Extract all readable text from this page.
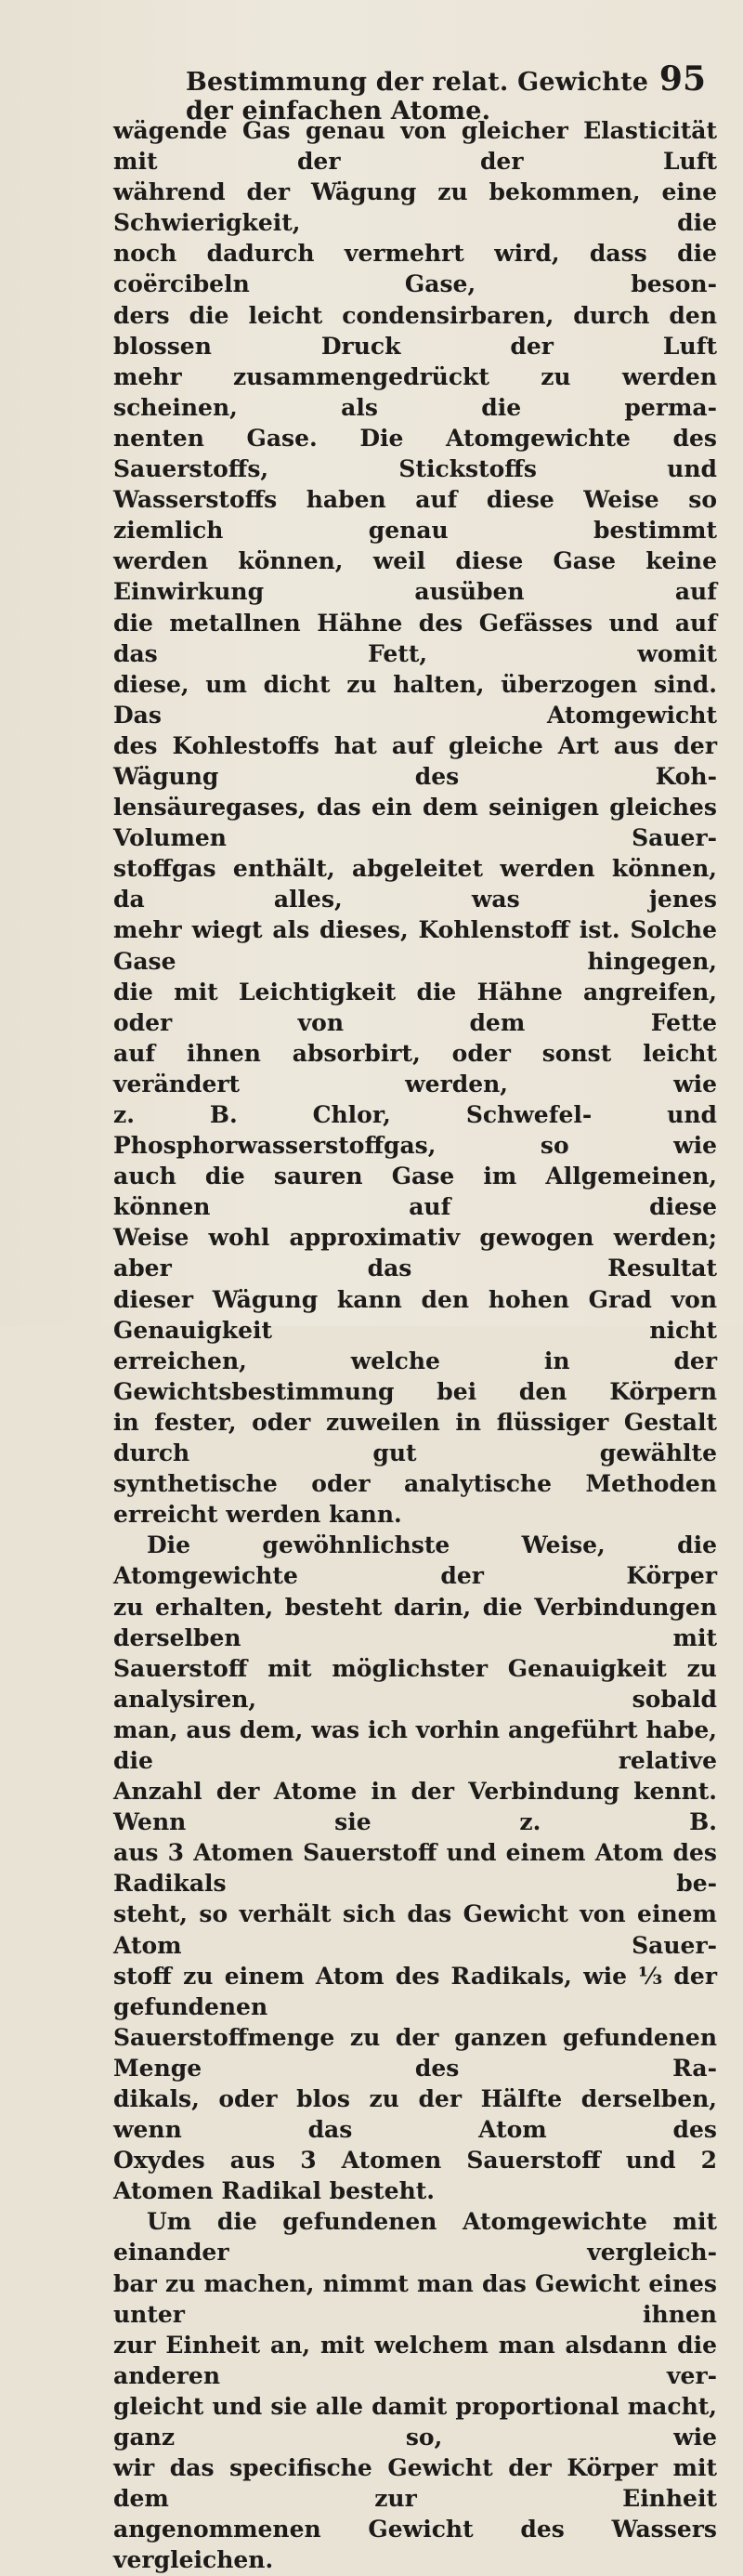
Bestimmung der relat. Gewichte der einfachen Atome.
95

wägende Gas genau von gleicher Elasticität mit der der Luft

während der Wägung zu bekommen, eine Schwierigkeit, die

noch dadurch vermehrt wird, dass die coërcibeln Gase, beson-

ders die leicht condensirbaren, durch den blossen Druck der Luft

mehr zusammengedrückt zu werden scheinen, als die perma-

nenten Gase. Die Atomgewichte des Sauerstoffs, Stickstoffs und

Wasserstoffs haben auf diese Weise so ziemlich genau bestimmt

werden können, weil diese Gase keine Einwirkung ausüben auf

die metallnen Hähne des Gefässes und auf das Fett, womit

diese, um dicht zu halten, überzogen sind. Das Atomgewicht

des Kohlestoffs hat auf gleiche Art aus der Wägung des Koh-

lensäuregases, das ein dem seinigen gleiches Volumen Sauer-

stoffgas enthält, abgeleitet werden können, da alles, was jenes

mehr wiegt als dieses, Kohlenstoff ist. Solche Gase hingegen,

die mit Leichtigkeit die Hähne angreifen, oder von dem Fette

auf ihnen absorbirt, oder sonst leicht verändert werden, wie

z. B. Chlor, Schwefel- und Phosphorwasserstoffgas, so wie

auch die sauren Gase im Allgemeinen, können auf diese

Weise wohl approximativ gewogen werden; aber das Resultat

dieser Wägung kann den hohen Grad von Genauigkeit nicht

erreichen, welche in der Gewichtsbestimmung bei den Körpern

in fester, oder zuweilen in flüssiger Gestalt durch gut gewählte

synthetische oder analytische Methoden erreicht werden kann.

Die gewöhnlichste Weise, die Atomgewichte der Körper

zu erhalten, besteht darin, die Verbindungen derselben mit

Sauerstoff mit möglichster Genauigkeit zu analysiren, sobald

man, aus dem, was ich vorhin angeführt habe, die relative

Anzahl der Atome in der Verbindung kennt. Wenn sie z. B.

aus 3 Atomen Sauerstoff und einem Atom des Radikals be-

steht, so verhält sich das Gewicht von einem Atom Sauer-

stoff zu einem Atom des Radikals, wie ⅓ der gefundenen

Sauerstoffmenge zu der ganzen gefundenen Menge des Ra-

dikals, oder blos zu der Hälfte derselben, wenn das Atom des

Oxydes aus 3 Atomen Sauerstoff und 2 Atomen Radikal besteht.

Um die gefundenen Atomgewichte mit einander vergleich-

bar zu machen, nimmt man das Gewicht eines unter ihnen

zur Einheit an, mit welchem man alsdann die anderen ver-

gleicht und sie alle damit proportional macht, ganz so, wie

wir das specifische Gewicht der Körper mit dem zur Einheit

angenommenen Gewicht des Wassers vergleichen.
